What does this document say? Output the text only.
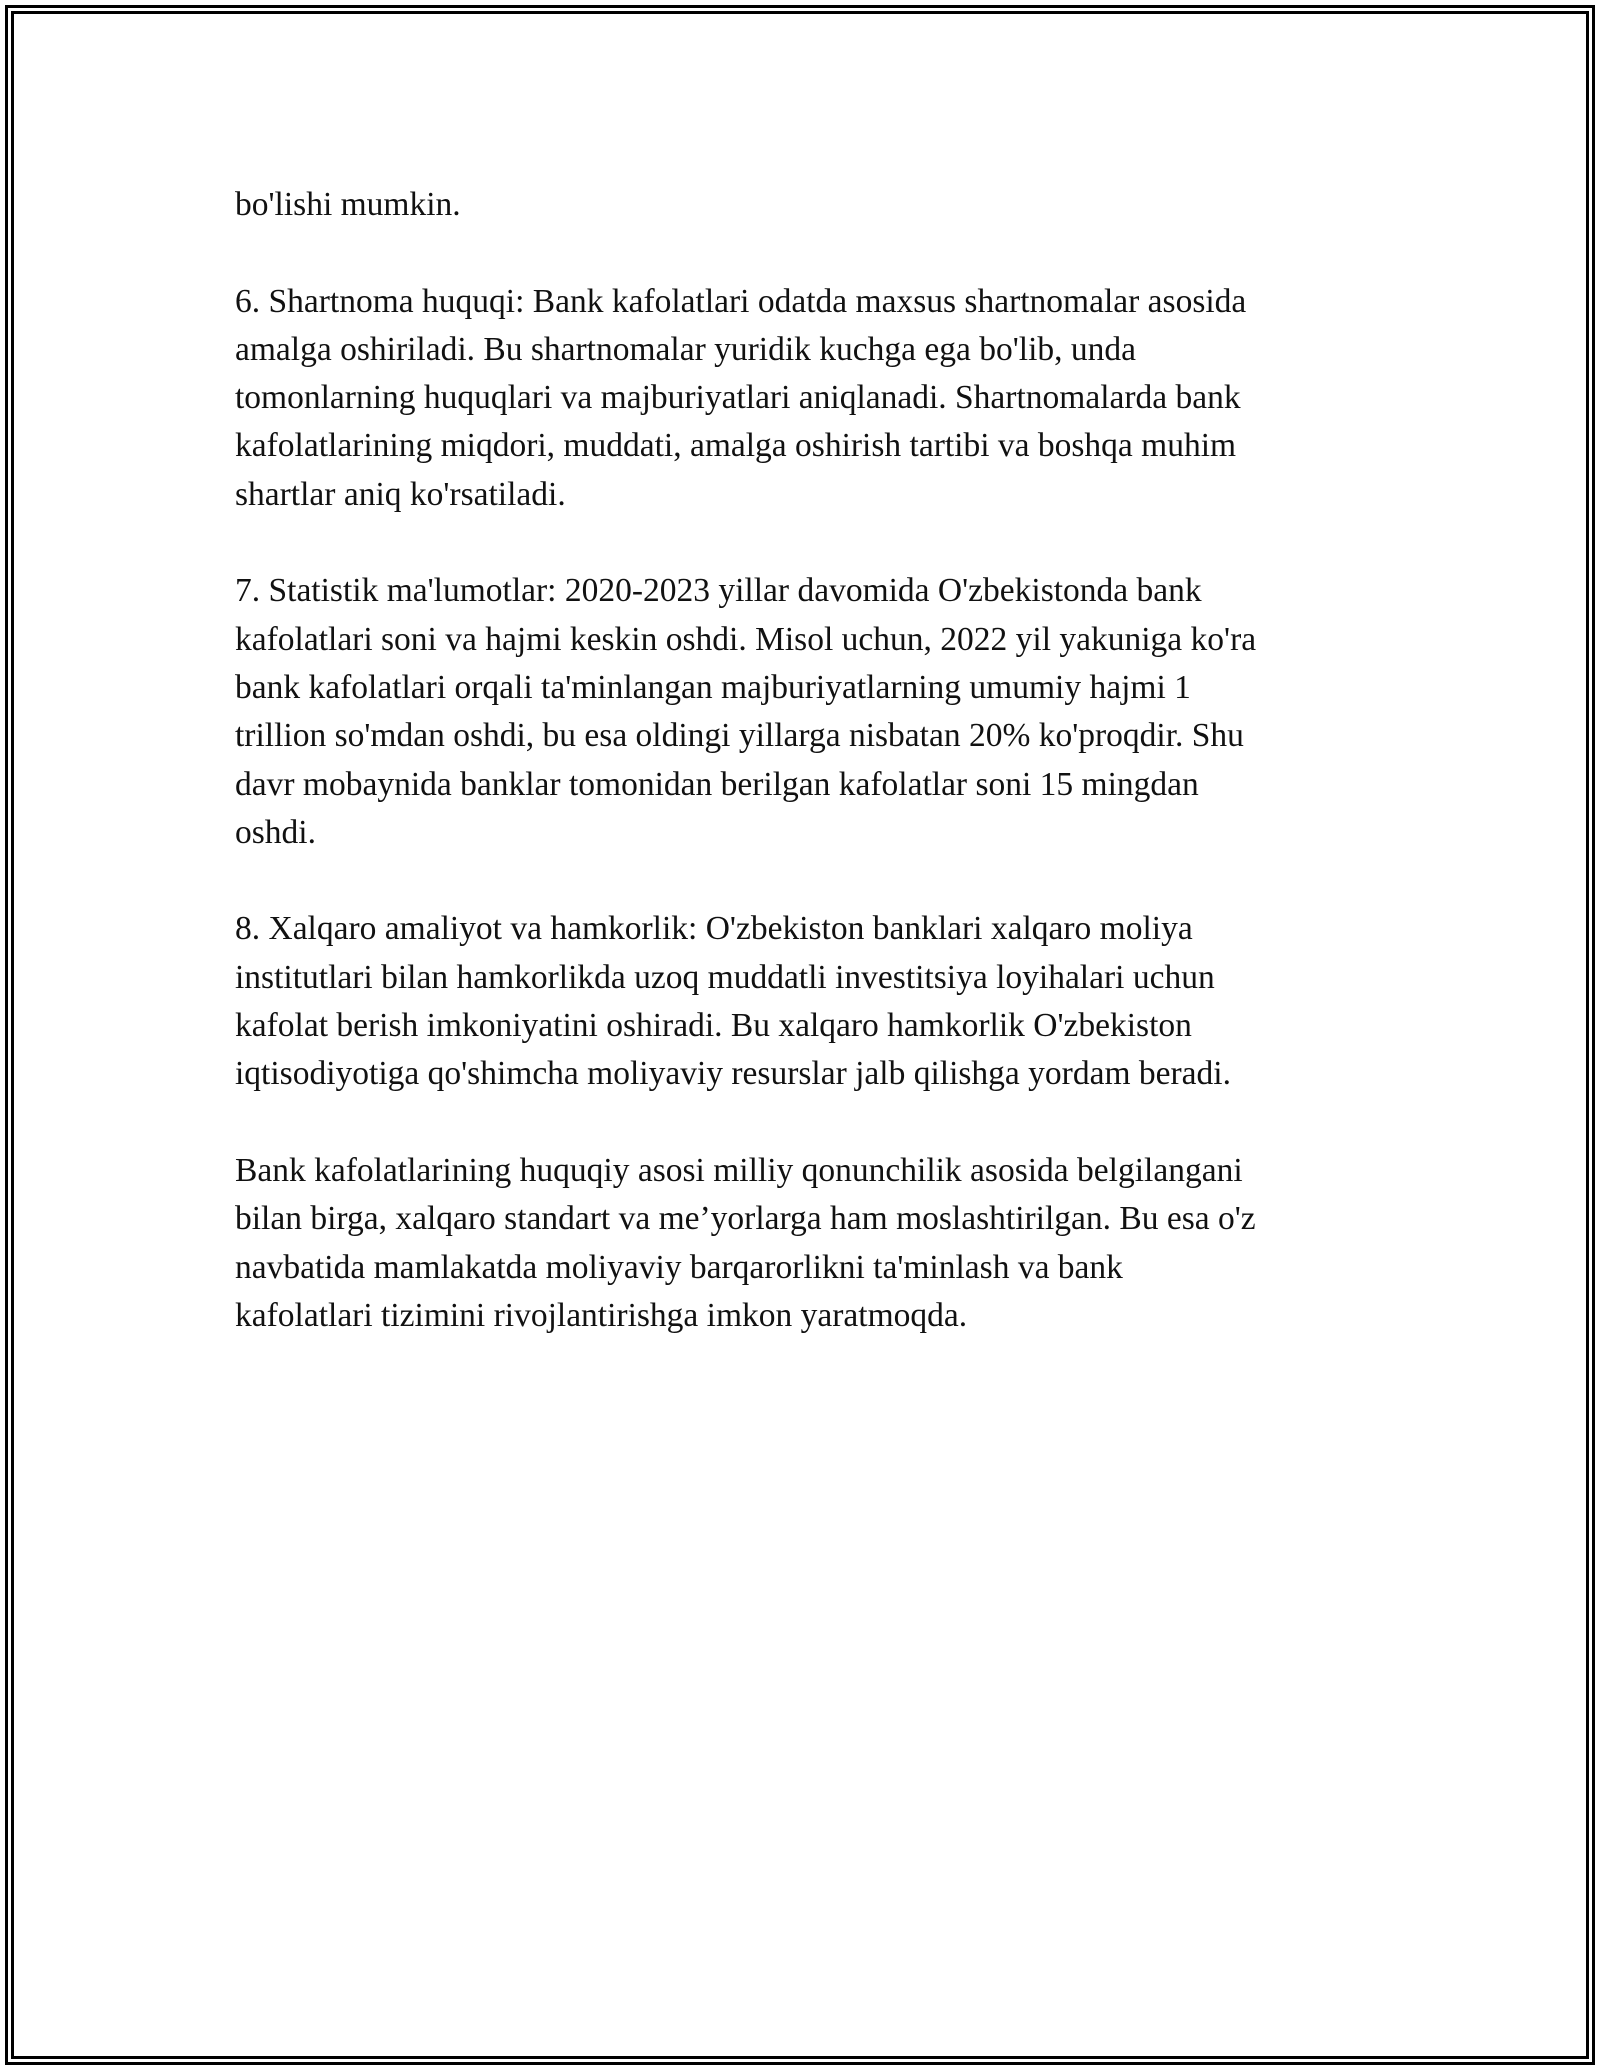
bo'lishi mumkin.
6. Shartnoma huquqi: Bank kafolatlari odatda maxsus shartnomalar asosida
amalga oshiriladi. Bu shartnomalar yuridik kuchga ega bo'lib, unda
tomonlarning huquqlari va majburiyatlari aniqlanadi. Shartnomalarda bank
kafolatlarining miqdori, muddati, amalga oshirish tartibi va boshqa muhim
shartlar aniq ko'rsatiladi.
7. Statistik ma'lumotlar: 2020-2023 yillar davomida O'zbekistonda bank
kafolatlari soni va hajmi keskin oshdi. Misol uchun, 2022 yil yakuniga ko'ra
bank kafolatlari orqali ta'minlangan majburiyatlarning umumiy hajmi 1
trillion so'mdan oshdi, bu esa oldingi yillarga nisbatan 20% ko'proqdir. Shu
davr mobaynida banklar tomonidan berilgan kafolatlar soni 15 mingdan
oshdi.
8. Xalqaro amaliyot va hamkorlik: O'zbekiston banklari xalqaro moliya
institutlari bilan hamkorlikda uzoq muddatli investitsiya loyihalari uchun
kafolat berish imkoniyatini oshiradi. Bu xalqaro hamkorlik O'zbekiston
iqtisodiyotiga qo'shimcha moliyaviy resurslar jalb qilishga yordam beradi.
Bank kafolatlarining huquqiy asosi milliy qonunchilik asosida belgilangani
bilan birga, xalqaro standart va me’yorlarga ham moslashtirilgan. Bu esa o'z
navbatida mamlakatda moliyaviy barqarorlikni ta'minlash va bank
kafolatlari tizimini rivojlantirishga imkon yaratmoqda.
